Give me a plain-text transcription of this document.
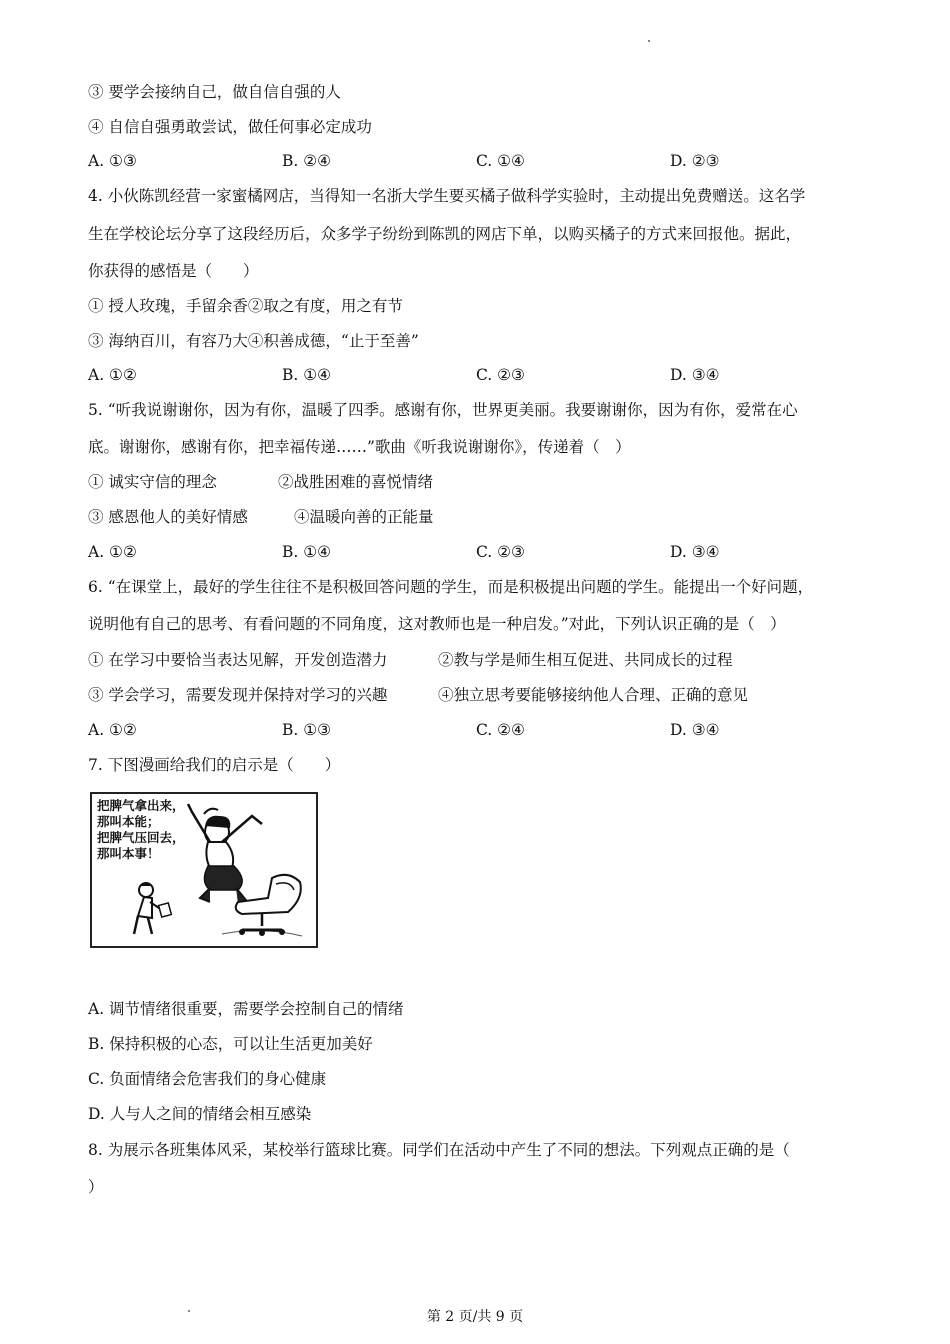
③ 要学会接纳自己，做自信自强的人
④ 自信自强勇敢尝试，做任何事必定成功
A. ①③	B. ②④	C. ①④	D. ②③
4. 小伙陈凯经营一家蜜橘网店，当得知一名浙大学生要买橘子做科学实验时，主动提出免费赠送。这名学
生在学校论坛分享了这段经历后，众多学子纷纷到陈凯的网店下单，以购买橘子的方式来回报他。据此，
你获得的感悟是（　　）
① 授人玫瑰，手留余香②取之有度，用之有节
③ 海纳百川，有容乃大④积善成德，“止于至善”
A. ①②	B. ①④	C. ②③	D. ③④
5. “听我说谢谢你，因为有你，温暖了四季。感谢有你，世界更美丽。我要谢谢你，因为有你，爱常在心
底。谢谢你，感谢有你，把幸福传递……”歌曲《听我说谢谢你》，传递着（　）
① 诚实守信的理念	②战胜困难的喜悦情绪
③ 感恩他人的美好情感	④温暖向善的正能量
A. ①②	B. ①④	C. ②③	D. ③④
6. “在课堂上，最好的学生往往不是积极回答问题的学生，而是积极提出问题的学生。能提出一个好问题，
说明他有自己的思考、有看问题的不同角度，这对教师也是一种启发。”对此，下列认识正确的是（　）
① 在学习中要恰当表达见解，开发创造潜力	②教与学是师生相互促进、共同成长的过程
③ 学会学习，需要发现并保持对学习的兴趣	④独立思考要能够接纳他人合理、正确的意见
A. ①②	B. ①③	C. ②④	D. ③④
7. 下图漫画给我们的启示是（　　）
把脾气拿出来，
那叫本能；
把脾气压回去，
那叫本事！
A. 调节情绪很重要，需要学会控制自己的情绪
B. 保持积极的心态，可以让生活更加美好
C. 负面情绪会危害我们的身心健康
D. 人与人之间的情绪会相互感染
8. 为展示各班集体风采，某校举行篮球比赛。同学们在活动中产生了不同的想法。下列观点正确的是（
）
第 2 页/共 9 页
